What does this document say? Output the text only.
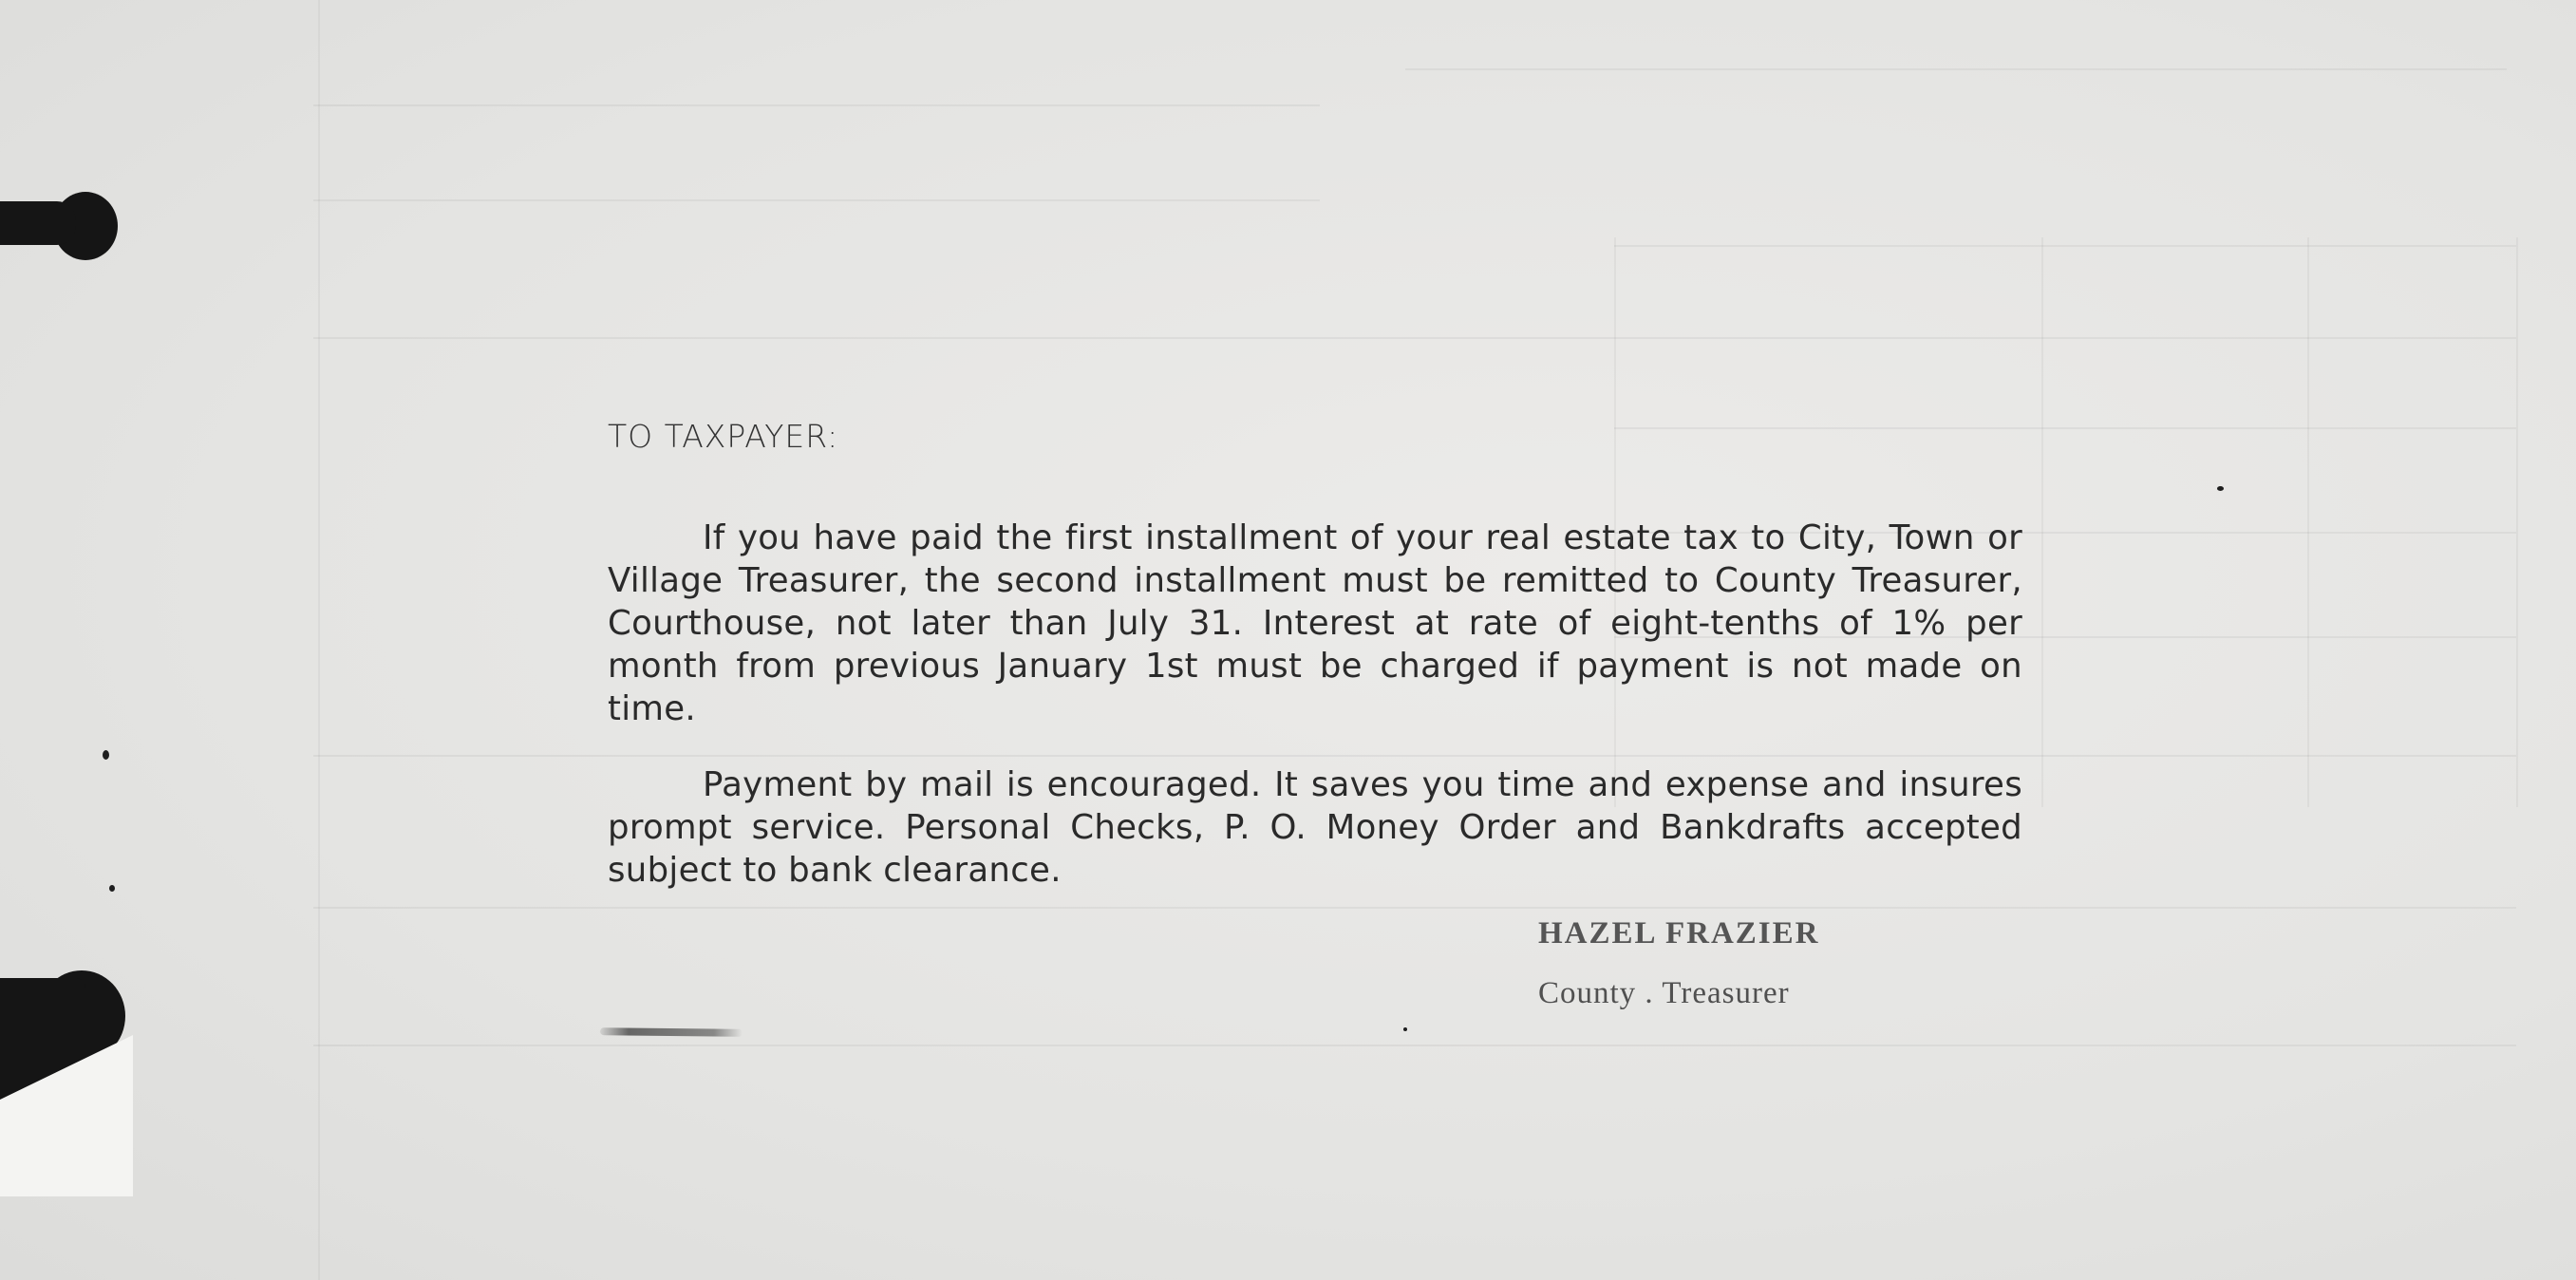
TO TAXPAYER:
If you have paid the first installment of your real estate tax to City, Town or Village Treasurer, the second installment must be remitted to County Treasurer, Courthouse, not later than July 31. Interest at rate of eight-tenths of 1% per month from previous January 1st must be charged if payment is not made on time.
Payment by mail is encouraged. It saves you time and expense and insures prompt service. Personal Checks, P. O. Money Order and Bankdrafts accepted subject to bank clearance.
HAZEL FRAZIER
County . Treasurer
